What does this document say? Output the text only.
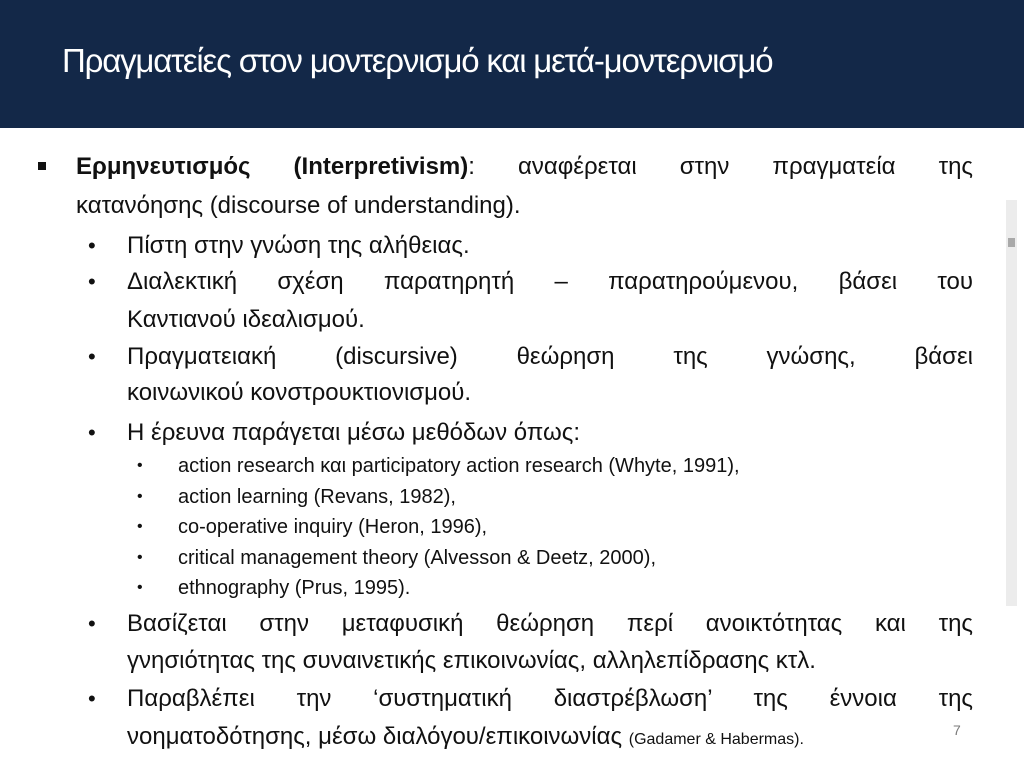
Πραγματείες στον μοντερνισμό και μετά-μοντερνισμό
Ερμηνευτισμός (Interpretivism): αναφέρεται στην πραγματεία της
κατανόησης (discourse of understanding).
• Πίστη στην γνώση της αλήθειας.
• Διαλεκτική σχέση παρατηρητή – παρατηρούμενου, βάσει του
Καντιανού ιδεαλισμού.
• Πραγματειακή (discursive) θεώρηση της γνώσης, βάσει
κοινωνικού κονστρουκτιονισμού.
• Η έρευνα παράγεται μέσω μεθόδων όπως:
• action research και participatory action research (Whyte, 1991),
• action learning (Revans, 1982),
• co-operative inquiry (Heron, 1996),
• critical management theory (Alvesson & Deetz, 2000),
• ethnography (Prus, 1995).
• Βασίζεται στην μεταφυσική θεώρηση περί ανοικτότητας και της
γνησιότητας της συναινετικής επικοινωνίας, αλληλεπίδρασης κτλ.
• Παραβλέπει την ‘συστηματική διαστρέβλωση’ της έννοια της
νοηματοδότησης, μέσω διαλόγου/επικοινωνίας (Gadamer & Habermas).
7
